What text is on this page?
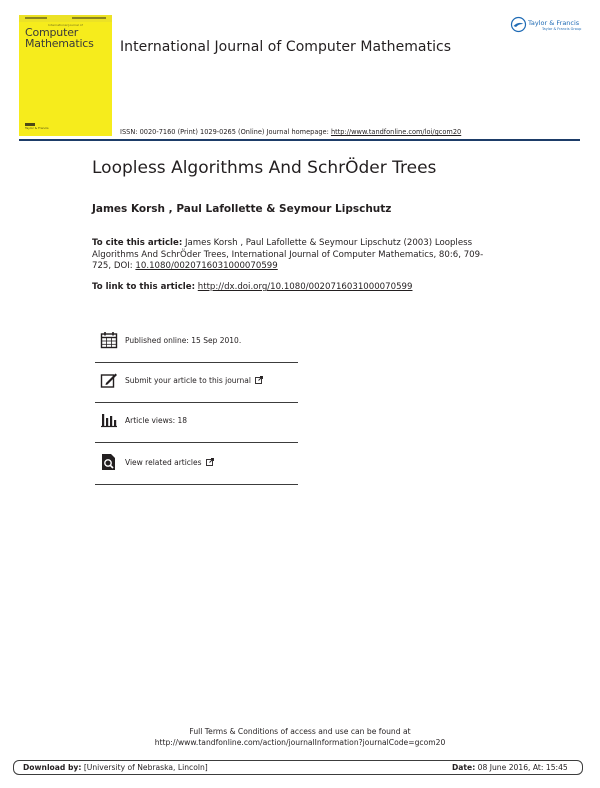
International Journal of
Computer
Mathematics
Taylor & Francis
International Journal of Computer Mathematics
ISSN: 0020-7160 (Print) 1029-0265 (Online) Journal homepage: http://www.tandfonline.com/loi/gcom20
Taylor & Francis
Taylor & Francis Group
Loopless Algorithms And SchrÖder Trees
James Korsh , Paul Lafollette & Seymour Lipschutz
To cite this article: James Korsh , Paul Lafollette & Seymour Lipschutz (2003) Loopless Algorithms And SchrÖder Trees, International Journal of Computer Mathematics, 80:6, 709-725, DOI: 10.1080/0020716031000070599
To link to this article: http://dx.doi.org/10.1080/0020716031000070599
Published online: 15 Sep 2010.
Submit your article to this journal
Article views: 18
View related articles
Full Terms & Conditions of access and use can be found at
http://www.tandfonline.com/action/journalInformation?journalCode=gcom20
Download by: [University of Nebraska, Lincoln]	Date: 08 June 2016, At: 15:45
